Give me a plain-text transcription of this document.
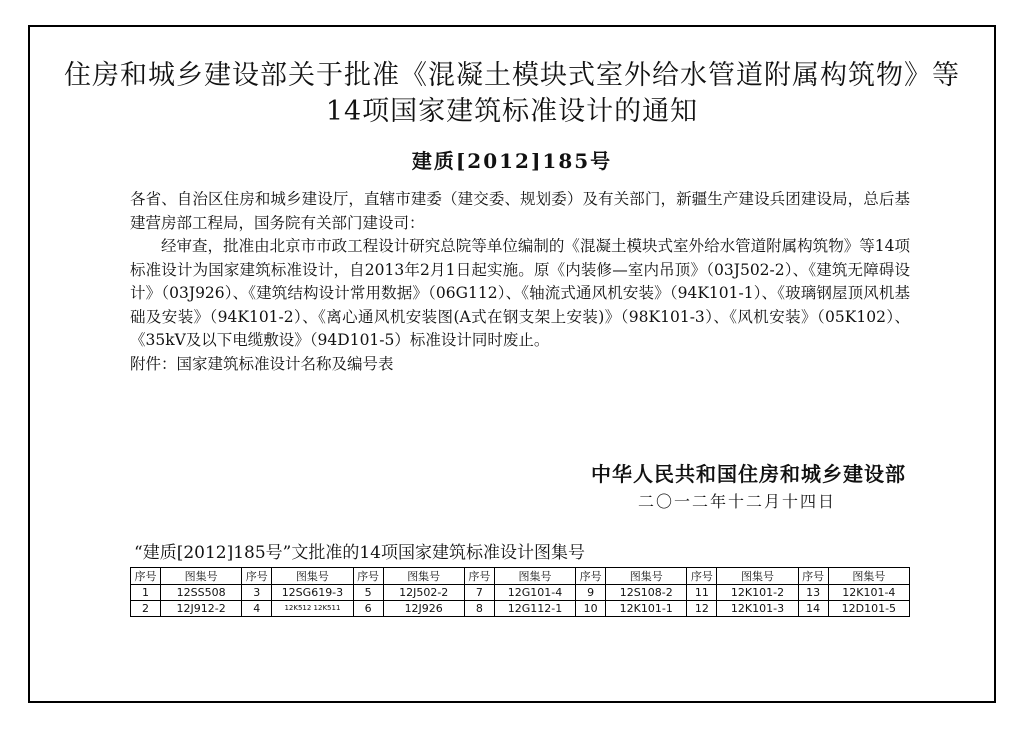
住房和城乡建设部关于批准《混凝土模块式室外给水管道附属构筑物》等14项国家建筑标准设计的通知
建质[2012]185号

各省、自治区住房和城乡建设厅，直辖市建委（建交委、规划委）及有关部门，新疆生产建设兵团建设局，总后基建营房部工程局，国务院有关部门建设司：

经审查，批准由北京市市政工程设计研究总院等单位编制的《混凝土模块式室外给水管道附属构筑物》等14项标准设计为国家建筑标准设计，自2013年2月1日起实施。原《内装修—室内吊顶》（03J502-2）、《建筑无障碍设计》（03J926）、《建筑结构设计常用数据》（06G112）、《轴流式通风机安装》（94K101-1）、《玻璃钢屋顶风机基础及安装》（94K101-2）、《离心通风机安装图(A式在钢支架上安装)》（98K101-3）、《风机安装》（05K102）、《35kV及以下电缆敷设》（94D101-5）标准设计同时废止。

附件：国家建筑标准设计名称及编号表

中华人民共和国住房和城乡建设部
二〇一二年十二月十四日
“建质[2012]185号”文批准的14项国家建筑标准设计图集号
序号	图集号	序号	图集号	序号	图集号	序号	图集号	序号	图集号	序号	图集号	序号	图集号
1	12SS508	3	12SG619-3	5	12J502-2	7	12G101-4	9	12S108-2	11	12K101-2	13	12K101-4
2	12J912-2	4	12K512 12K511	6	12J926	8	12G112-1	10	12K101-1	12	12K101-3	14	12D101-5
